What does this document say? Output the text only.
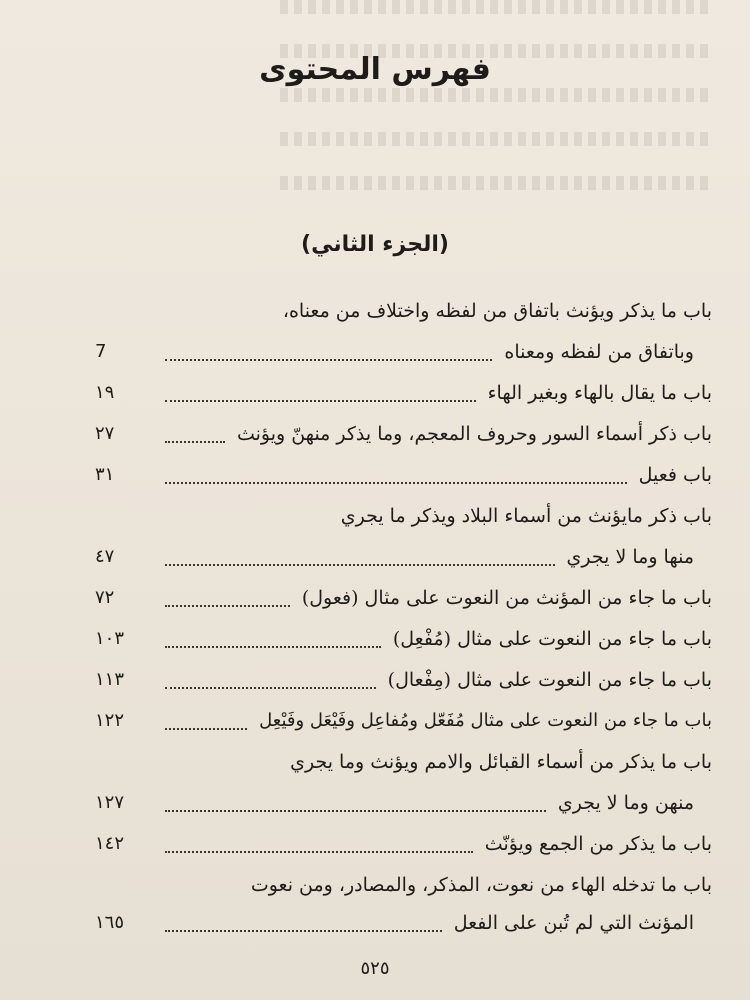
فهرس المحتوى
(الجزء الثاني)
باب ما يذكر ويؤنث باتفاق من لفظه واختلاف من معناه،
وباتفاق من لفظه ومعناه
7
باب ما يقال بالهاء وبغير الهاء
١٩
باب ذكر أسماء السور وحروف المعجم، وما يذكر منهنّ ويؤنث
٢٧
باب فعيل
٣١
باب ذكر مايؤنث من أسماء البلاد ويذكر ما يجري
منها وما لا يجري
٤٧
باب ما جاء من المؤنث من النعوت على مثال (فعول)
٧٢
باب ما جاء من النعوت على مثال (مُفْعِل)
١٠٣
باب ما جاء من النعوت على مثال (مِفْعال)
١١٣
باب ما جاء من النعوت على مثال مُفَعّل ومُفاعِل وفَيْعَل وفَيْعِل
١٢٢
باب ما يذكر من أسماء القبائل والامم ويؤنث وما يجري
منهن وما لا يجري
١٢٧
باب ما يذكر من الجمع ويؤنّث
١٤٢
باب ما تدخله الهاء من نعوت، المذكر، والمصادر، ومن نعوت
المؤنث التي لم تُبن على الفعل
١٦٥
٥٢٥
